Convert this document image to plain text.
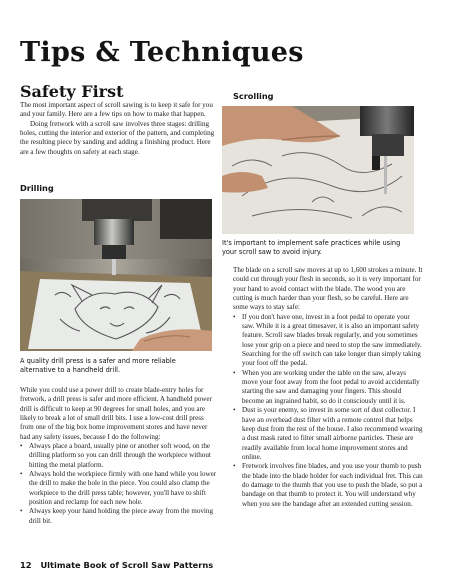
Tips & Techniques
Safety First

The most important aspect of scroll sawing is to keep it safe for you and your family. Here are a few tips on how to make that happen.

Doing fretwork with a scroll saw involves three stages: drilling holes, cutting the interior and exterior of the pattern, and completing the resulting piece by sanding and adding a finishing product. Here are a few thoughts on safety at each stage.

Drilling
A quality drill press is a safer and more reliable alternative to a handheld drill.

While you could use a power drill to create blade-entry holes for fretwork, a drill press is safer and more efficient. A handheld power drill is difficult to keep at 90 degrees for small holes, and you are likely to break a lot of small drill bits. I use a low-cost drill press from one of the big box home improvement stores and have never had any safety issues, because I do the following:

• Always place a board, usually pine or another soft wood, on the drilling platform so you can drill through the workpiece without hitting the metal platform.
• Always hold the workpiece firmly with one hand while you lower the drill to make the hole in the piece. You could also clamp the workpiece to the drill press table; however, you'll have to shift position and reclamp for each new hole.
• Always keep your hand holding the piece away from the moving drill bit.
Scrolling
It's important to implement safe practices while using your scroll saw to avoid injury.

The blade on a scroll saw moves at up to 1,600 strokes a minute. It could cut through your flesh in seconds, so it is very important for your hand to avoid contact with the blade. The wood you are cutting is much harder than your flesh, so be careful. Here are some ways to stay safe:

• If you don't have one, invest in a foot pedal to operate your saw. While it is a great timesaver, it is also an important safety feature. Scroll saw blades break regularly, and you sometimes lose your grip on a piece and need to stop the saw immediately. Searching for the off switch can take longer than simply taking your foot off the pedal.
• When you are working under the table on the saw, always move your foot away from the foot pedal to avoid accidentally starting the saw and damaging your fingers. This should become an ingrained habit, so do it consciously until it is.
• Dust is your enemy, so invest in some sort of dust collector. I have an overhead dust filter with a remote control that helps keep dust from the rest of the house. I also recommend wearing a dust mask rated to filter small airborne particles. These are readily available from local home improvement stores and online.
• Fretwork involves fine blades, and you use your thumb to push the blade into the blade holder for each individual fret. This can do damage to the thumb that you use to push the blade, so put a bandage on that thumb to protect it. You will understand why when you see the bandage after an extended cutting session.
12 Ultimate Book of Scroll Saw Patterns
